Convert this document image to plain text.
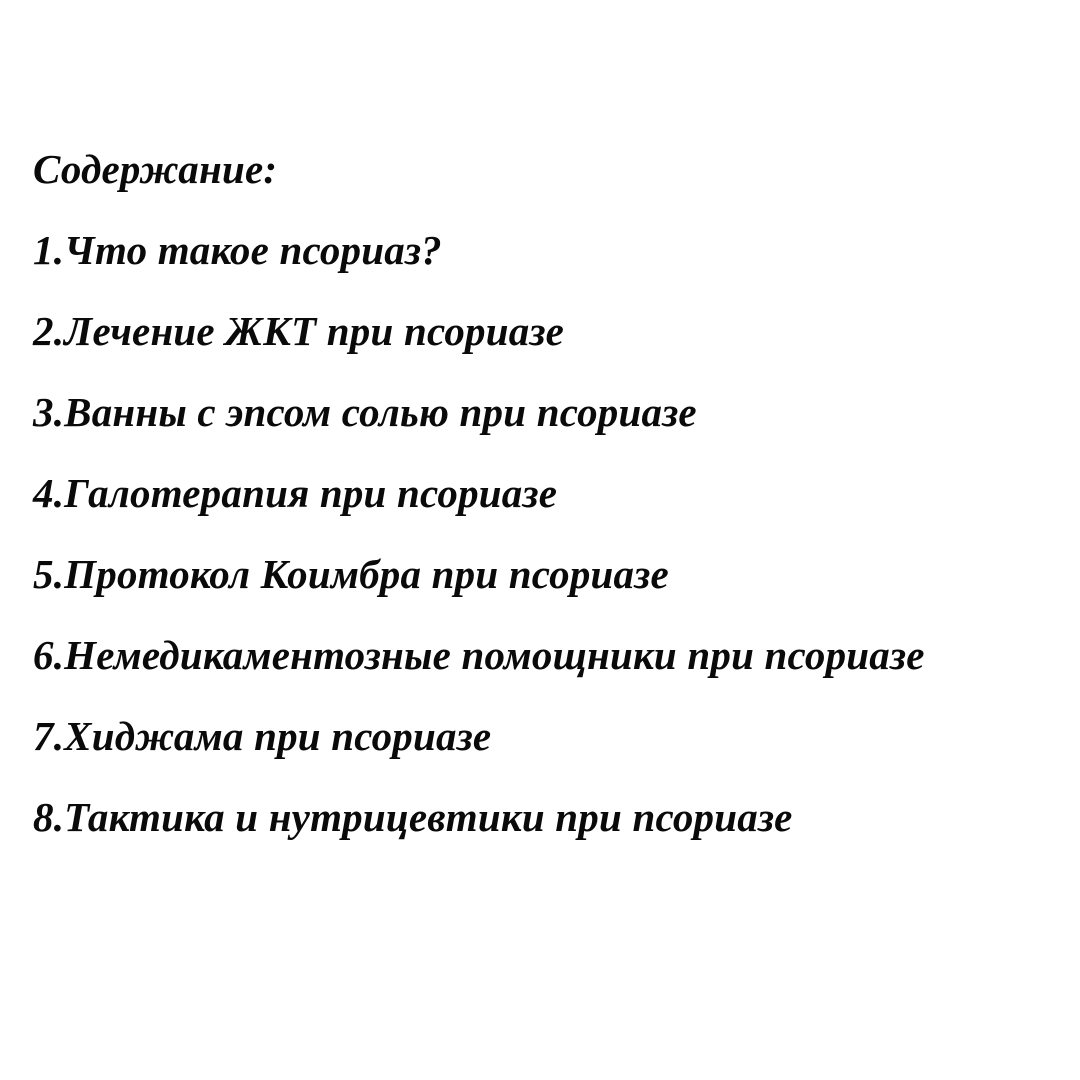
Содержание:
1.Что такое псориаз?
2.Лечение ЖКТ при псориазе
3.Ванны с эпсом солью при псориазе
4.Галотерапия при псориазе
5.Протокол Коимбра при псориазе
6.Немедикаментозные помощники при псориазе
7.Хиджама при псориазе
8.Тактика и нутрицевтики при псориазе
